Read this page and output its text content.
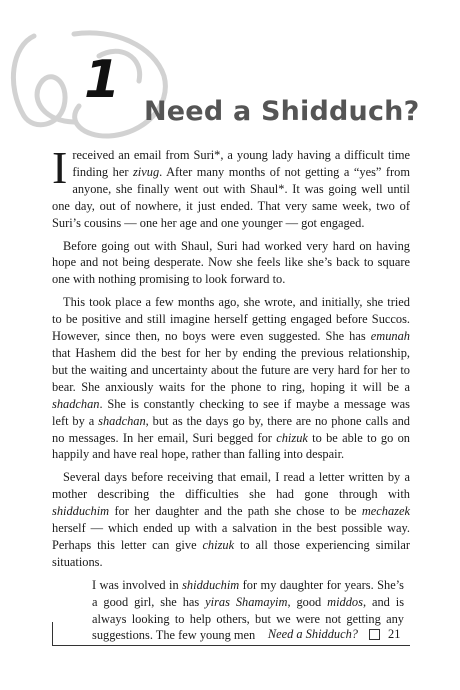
1
Need a Shidduch?

Ireceived an email from Suri*, a young lady having a difficult time finding her zivug. After many months of not getting a “yes” from anyone, she finally went out with Shaul*. It was going well until one day, out of nowhere, it just ended. That very same week, two of Suri’s cousins — one her age and one younger — got engaged.

Before going out with Shaul, Suri had worked very hard on having hope and not being desperate. Now she feels like she’s back to square one with nothing promising to look forward to.

This took place a few months ago, she wrote, and initially, she tried to be positive and still imagine herself getting engaged before Succos. However, since then, no boys were even suggested. She has emunah that Hashem did the best for her by ending the previous relationship, but the waiting and uncertainty about the future are very hard for her to bear. She anxiously waits for the phone to ring, hoping it will be a shadchan. She is constantly checking to see if maybe a message was left by a shadchan, but as the days go by, there are no phone calls and no messages. In her email, Suri begged for chizuk to be able to go on happily and have real hope, rather than falling into despair.

Several days before receiving that email, I read a letter written by a mother describing the difficulties she had gone through with shidduchim for her daughter and the path she chose to be mechazek herself — which ended up with a salvation in the best possible way. Perhaps this letter can give chizuk to all those experiencing similar situations.

I was involved in shidduchim for my daughter for years. She’s a good girl, she has yiras Shamayim, good middos, and is always looking to help others, but we were not getting any suggestions. The few young men	Need a Shidduch? 21
